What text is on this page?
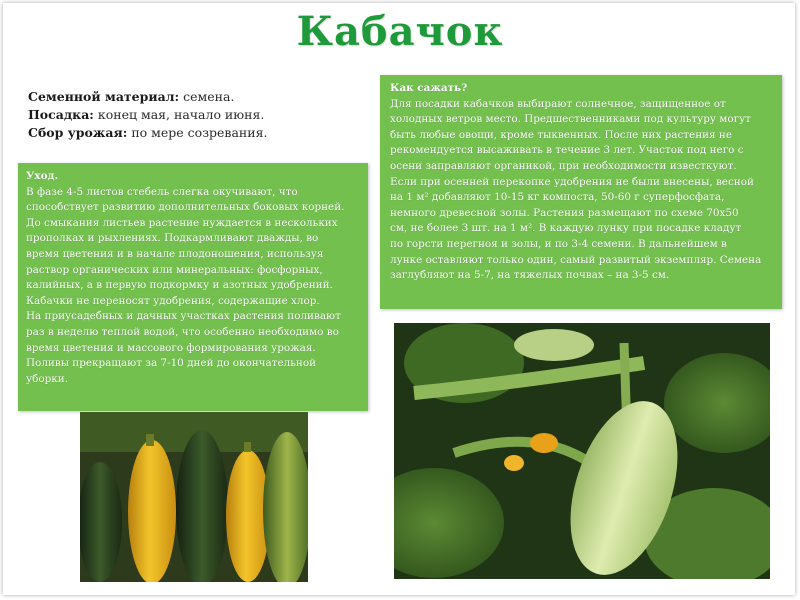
Кабачок
Семенной материал: семена.
Посадка: конец мая, начало июня.
Сбор урожая: по мере созревания.
Уход.
В фазе 4-5 листов стебель слегка окучивают, что
способствует развитию дополнительных боковых корней.
До смыкания листьев растение нуждается в нескольких
прополках и рыхлениях. Подкармливают дважды, во
время цветения и в начале плодоношения, используя
раствор органических или минеральных: фосфорных,
калийных, а в первую подкормку и азотных удобрений.
Кабачки не переносят удобрения, содержащие хлор.
На приусадебных и дачных участках растения поливают
раз в неделю теплой водой, что особенно необходимо во
время цветения и массового формирования урожая.
Поливы прекращают за 7-10 дней до окончательной
уборки.
Как сажать?
Для посадки кабачков выбирают солнечное, защищенное от
холодных ветров место. Предшественниками под культуру могут
быть любые овощи, кроме тыквенных. После них растения не
рекомендуется высаживать в течение 3 лет. Участок под него с
осени заправляют органикой, при необходимости известкуют.
Если при осенней перекопке удобрения не были внесены, весной
на 1 м² добавляют 10-15 кг компоста, 50-60 г суперфосфата,
немного древесной золы. Растения размещают по схеме 70х50
см, не более 3 шт. на 1 м². В каждую лунку при посадке кладут
по горсти перегноя и золы, и по 3-4 семени. В дальнейшем в
лунке оставляют только один, самый развитый экземпляр. Семена
заглубляют на 5-7, на тяжелых почвах – на 3-5 см.
